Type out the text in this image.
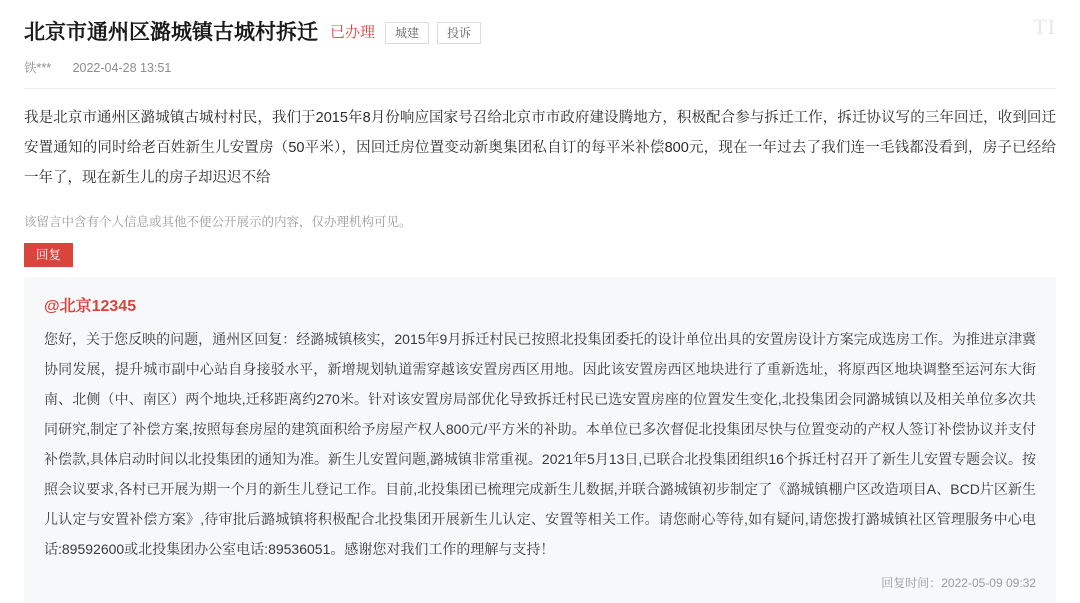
TI
北京市通州区潞城镇古城村拆迁 已办理	城建	投诉
铁*** 2022-04-28 13:51
我是北京市通州区潞城镇古城村村民，我们于2015年8月份响应国家号召给北京市市政府建设腾地方，积极配合参与拆迁工作，拆迁协议写的三年回迁，收到回迁安置通知的同时给老百姓新生儿安置房（50平米），因回迁房位置变动新奥集团私自订的每平米补偿800元，现在一年过去了我们连一毛钱都没看到，房子已经给一年了，现在新生儿的房子却迟迟不给
该留言中含有个人信息或其他不便公开展示的内容，仅办理机构可见。
回复
@北京12345
您好，关于您反映的问题，通州区回复：经潞城镇核实，2015年9月拆迁村民已按照北投集团委托的设计单位出具的安置房设计方案完成选房工作。为推进京津冀协同发展，提升城市副中心站自身接驳水平，新增规划轨道需穿越该安置房西区用地。因此该安置房西区地块进行了重新选址，将原西区地块调整至运河东大街南、北侧（中、南区）两个地块,迁移距离约270米。针对该安置房局部优化导致拆迁村民已选安置房座的位置发生变化,北投集团会同潞城镇以及相关单位多次共同研究,制定了补偿方案,按照每套房屋的建筑面积给予房屋产权人800元/平方米的补助。本单位已多次督促北投集团尽快与位置变动的产权人签订补偿协议并支付补偿款,具体启动时间以北投集团的通知为准。新生儿安置问题,潞城镇非常重视。2021年5月13日,已联合北投集团组织16个拆迁村召开了新生儿安置专题会议。按照会议要求,各村已开展为期一个月的新生儿登记工作。目前,北投集团已梳理完成新生儿数据,并联合潞城镇初步制定了《潞城镇棚户区改造项目A、BCD片区新生儿认定与安置补偿方案》,待审批后潞城镇将积极配合北投集团开展新生儿认定、安置等相关工作。请您耐心等待,如有疑问,请您拨打潞城镇社区管理服务中心电话:89592600或北投集团办公室电话:89536051。感谢您对我们工作的理解与支持！
回复时间：2022-05-09 09:32
